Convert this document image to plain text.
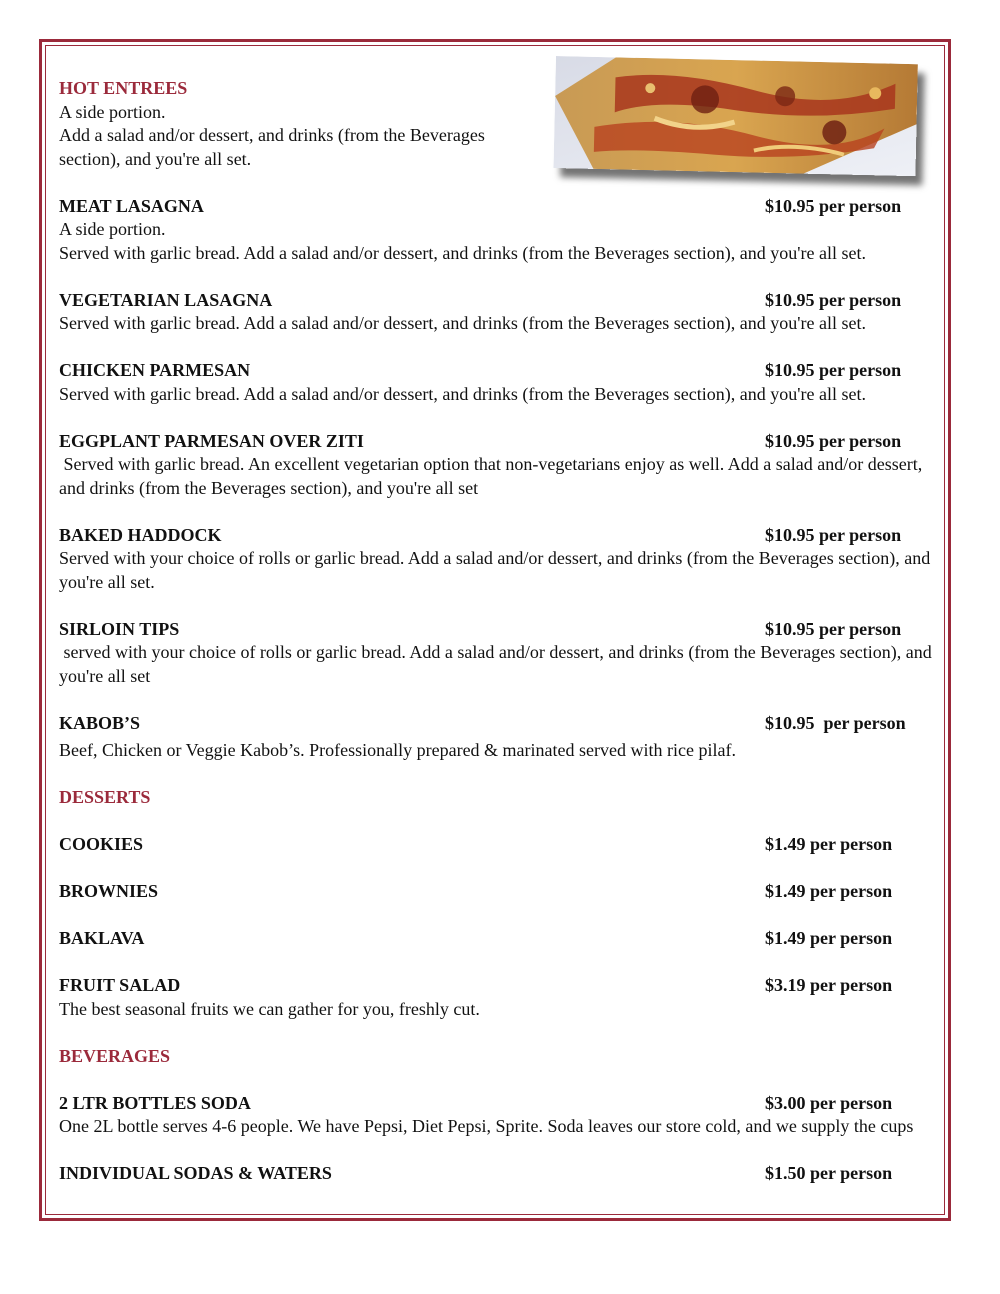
HOT ENTREES
A side portion.
Add a salad and/or dessert, and drinks (from the Beverages section), and you're all set.
MEAT LASAGNA	$10.95 per person
A side portion.
Served with garlic bread. Add a salad and/or dessert, and drinks (from the Beverages section), and you're all set.
VEGETARIAN LASAGNA	$10.95 per person
Served with garlic bread. Add a salad and/or dessert, and drinks (from the Beverages section), and you're all set.
CHICKEN PARMESAN	$10.95 per person
Served with garlic bread. Add a salad and/or dessert, and drinks (from the Beverages section), and you're all set.
EGGPLANT PARMESAN OVER ZITI	$10.95 per person
Served with garlic bread. An excellent vegetarian option that non-vegetarians enjoy as well. Add a salad and/or dessert, and drinks (from the Beverages section), and you're all set
BAKED HADDOCK	$10.95 per person
Served with your choice of rolls or garlic bread. Add a salad and/or dessert, and drinks (from the Beverages section), and you're all set.
SIRLOIN TIPS	$10.95 per person
served with your choice of rolls or garlic bread. Add a salad and/or dessert, and drinks (from the Beverages section), and you're all set
KABOB’S	$10.95  per person
Beef, Chicken or Veggie Kabob’s. Professionally prepared & marinated served with rice pilaf.
DESSERTS
COOKIES	$1.49 per person
BROWNIES	$1.49 per person
BAKLAVA	$1.49 per person
FRUIT SALAD	$3.19 per person
The best seasonal fruits we can gather for you, freshly cut.
BEVERAGES
2 LTR BOTTLES SODA	$3.00 per person
One 2L bottle serves 4-6 people. We have Pepsi, Diet Pepsi, Sprite. Soda leaves our store cold, and we supply the cups
INDIVIDUAL SODAS & WATERS	$1.50 per person
